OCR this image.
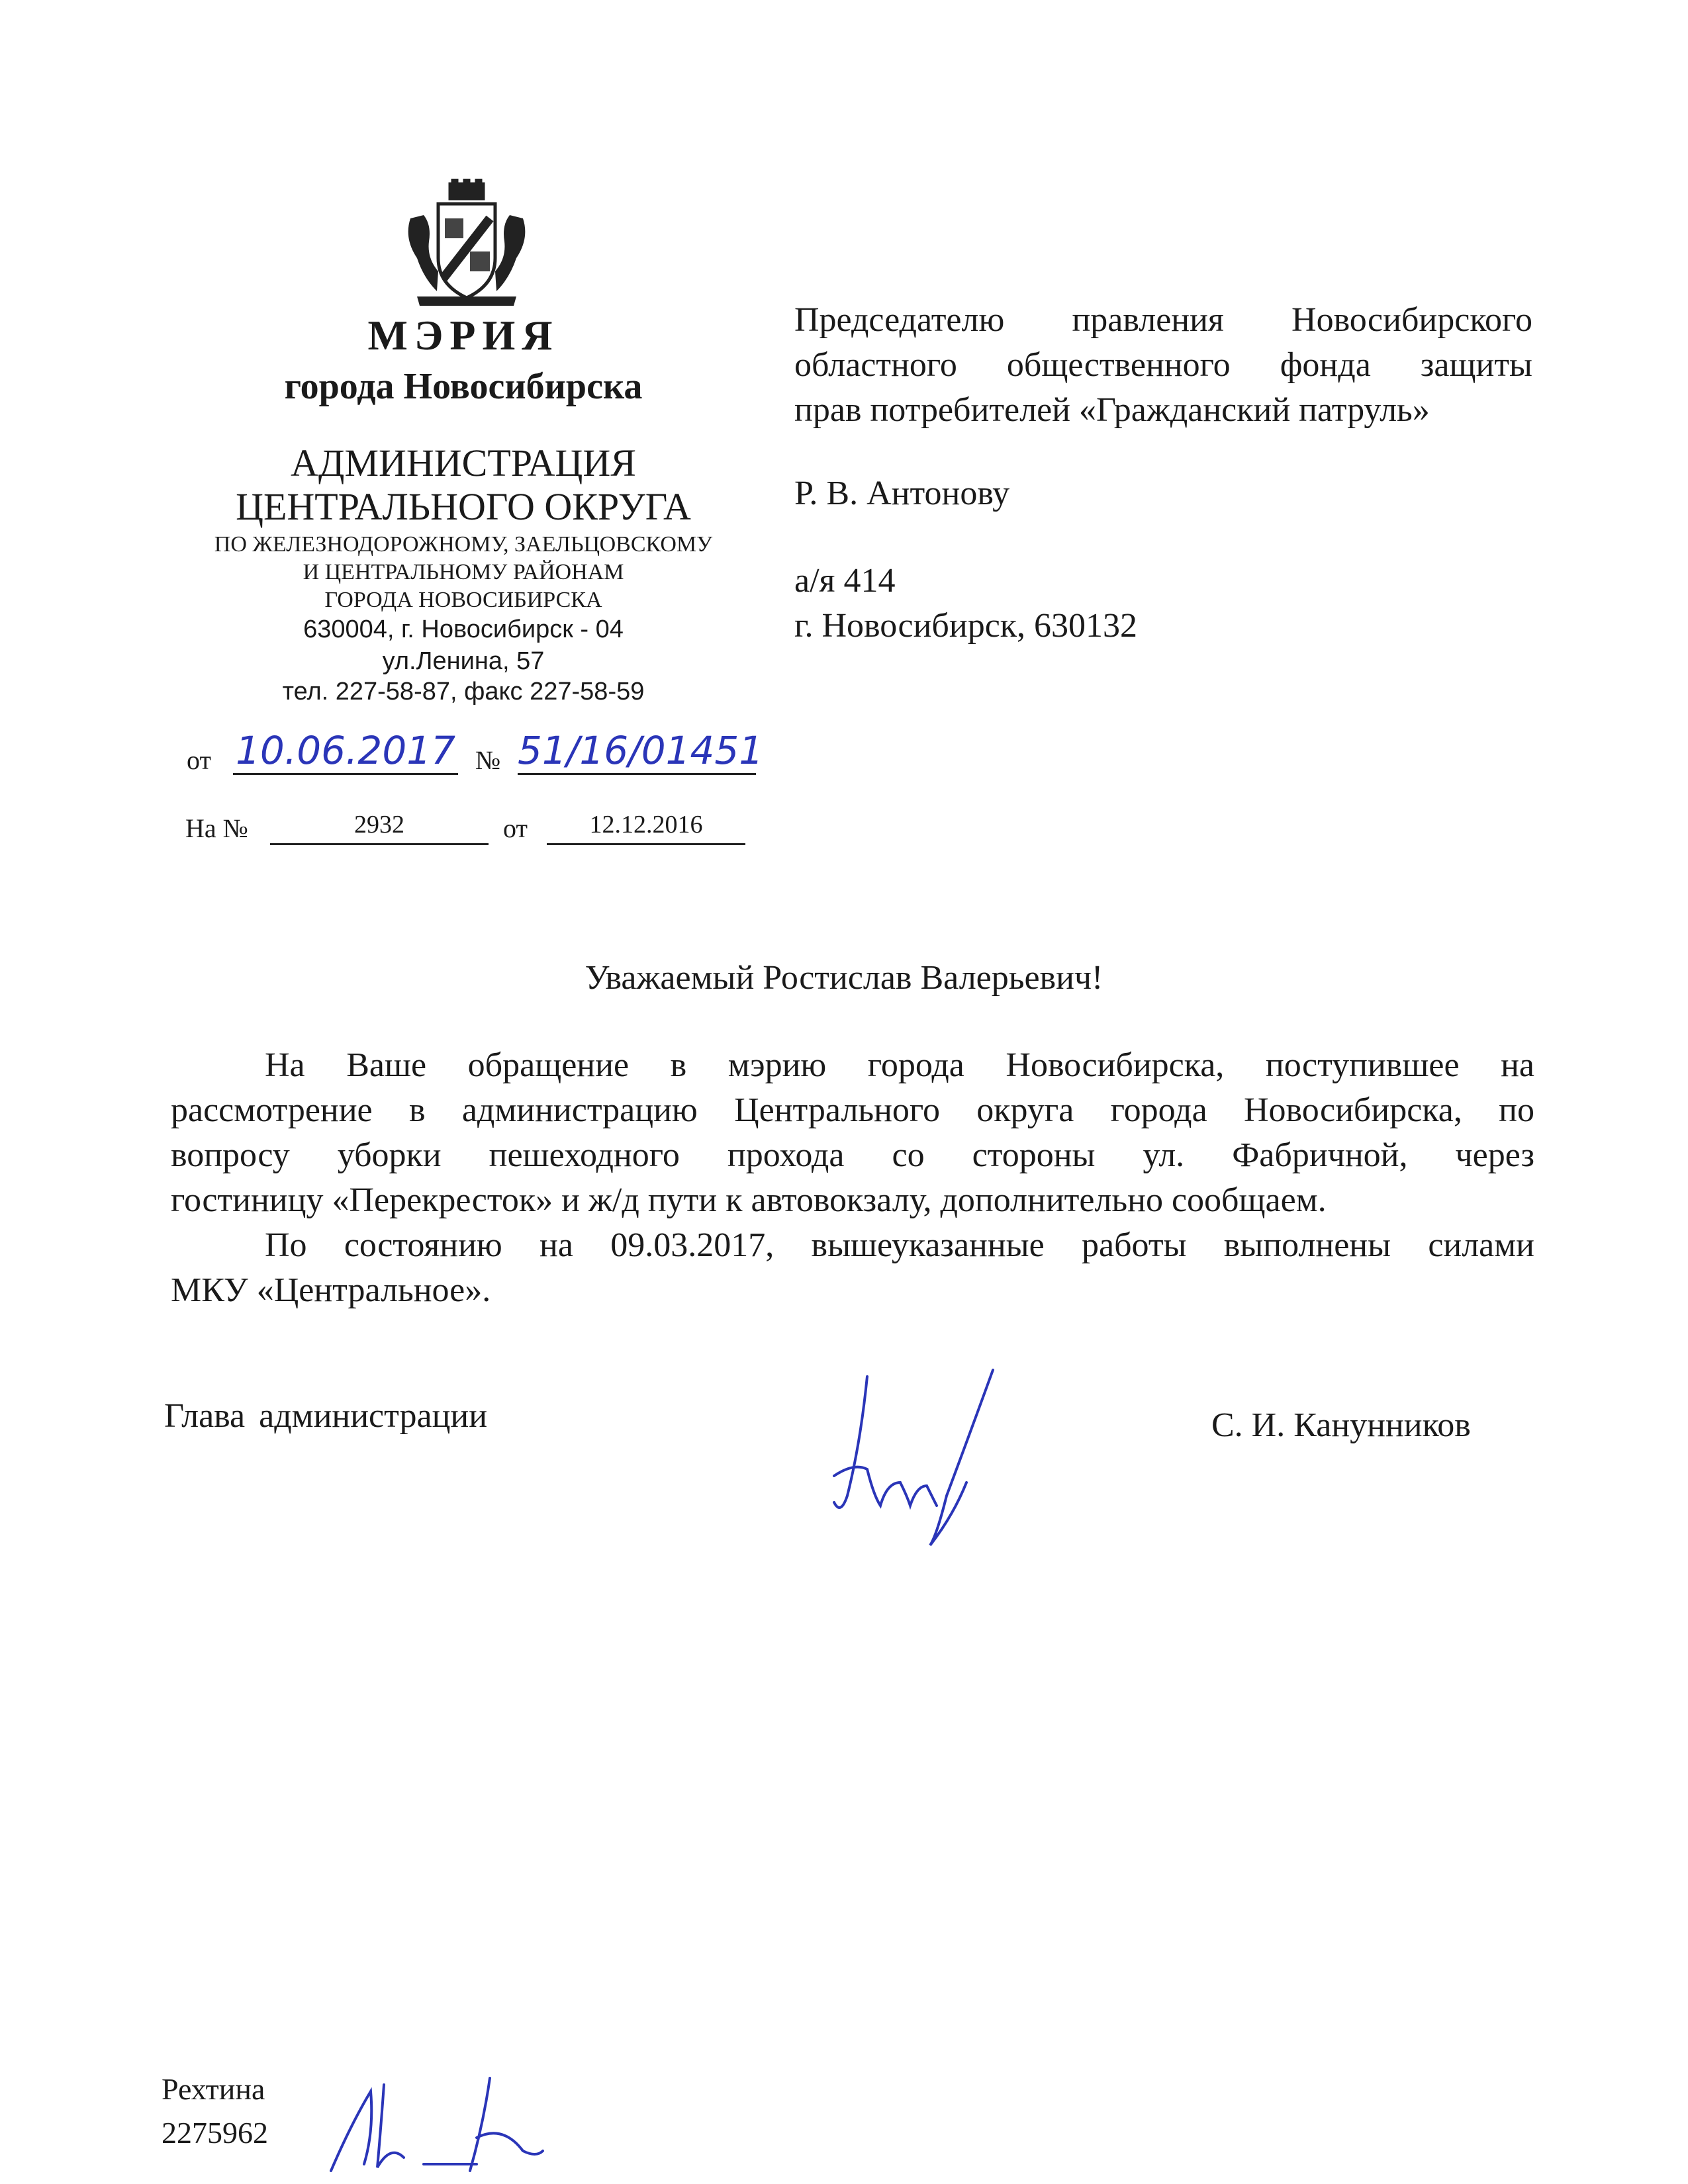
МЭРИЯ
города Новосибирска
АДМИНИСТРАЦИЯ
ЦЕНТРАЛЬНОГО ОКРУГА
ПО ЖЕЛЕЗНОДОРОЖНОМУ, ЗАЕЛЬЦОВСКОМУ
И ЦЕНТРАЛЬНОМУ РАЙОНАМ
ГОРОДА НОВОСИБИРСКА
630004, г. Новосибирск - 04
ул.Ленина, 57
тел. 227-58-87, факс 227-58-59
от 10.06.2017 № 51/16/01451
На №	2932	от	12.12.2016
Председателю правления Новосибирского
областного общественного фонда защиты
прав потребителей «Гражданский патруль»
Р. В. Антонову
а/я 414
г. Новосибирск, 630132
Уважаемый Ростислав Валерьевич!
На Ваше обращение в мэрию города Новосибирска, поступившее на
рассмотрение в администрацию Центрального округа города Новосибирска, по
вопросу уборки пешеходного прохода со стороны ул. Фабричной, через
гостиницу «Перекресток» и ж/д пути к автовокзалу, дополнительно сообщаем.
По состоянию на 09.03.2017, вышеуказанные работы выполнены силами
МКУ «Центральное».
Глава администрации	С. И. Канунников
Рехтина
2275962
